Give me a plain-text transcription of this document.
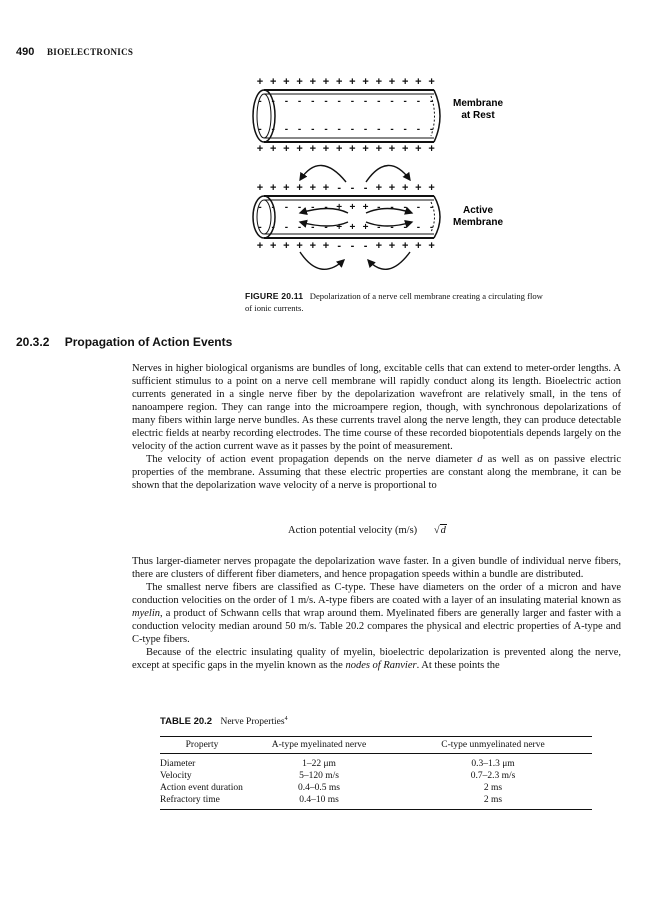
490 BIOELECTRONICS
+ + + + + + + + + + + + + +
- - - - - - - - - - - - - -
- - - - - - - - - - - - - -
+ + + + + + + + + + + + + +
+ + + + + + - - - + + + + +
- - - - - - + + + - - - - -
- - - - - - + + + - - - - -
+ + + + + + - - - + + + + +
Membrane at Rest
Active Membrane
FIGURE 20.11 Depolarization of a nerve cell membrane creating a circulating flow of ionic currents.
20.3.2 Propagation of Action Events

Nerves in higher biological organisms are bundles of long, excitable cells that can extend to meter-order lengths. A sufficient stimulus to a point on a nerve cell membrane will rapidly conduct along its length. Bioelectric action currents generated in a single nerve fiber by the depolarization wavefront are relatively small, in the tens of nanoampere region. They can range into the microampere region, though, with synchronous depolarizations of many fibers within large nerve bundles. As these currents travel along the nerve length, they can produce detectable electric fields at nearby recording electrodes. The time course of these recorded biopotentials depends largely on the velocity of the action current wave as it passes by the point of measurement.

The velocity of action event propagation depends on the nerve diameter d as well as on passive electric properties of the membrane. Assuming that these electric properties are constant along the membrane, it can be shown that the depolarization wave velocity of a nerve is proportional to

Action potential velocity (m/s) √d

Thus larger-diameter nerves propagate the depolarization wave faster. In a given bundle of individual nerve fibers, there are clusters of different fiber diameters, and hence propagation speeds within a bundle are distributed.

The smallest nerve fibers are classified as C-type. These have diameters on the order of a micron and have conduction velocities on the order of 1 m/s. A-type fibers are coated with a layer of an insulating material known as myelin, a product of Schwann cells that wrap around them. Myelinated fibers are generally larger and faster with a conduction velocity median around 50 m/s. Table 20.2 compares the physical and electric properties of A-type and C-type fibers.

Because of the electric insulating quality of myelin, bioelectric depolarization is prevented along the nerve, except at specific gaps in the myelin known as the nodes of Ranvier. At these points the

TABLE 20.2 Nerve Properties$^4$
Property	A-type myelinated nerve	C-type unmyelinated nerve
Diameter	1–22 μm	0.3–1.3 μm
Velocity	5–120 m/s	0.7–2.3 m/s
Action event duration	0.4–0.5 ms	2 ms
Refractory time	0.4–10 ms	2 ms
